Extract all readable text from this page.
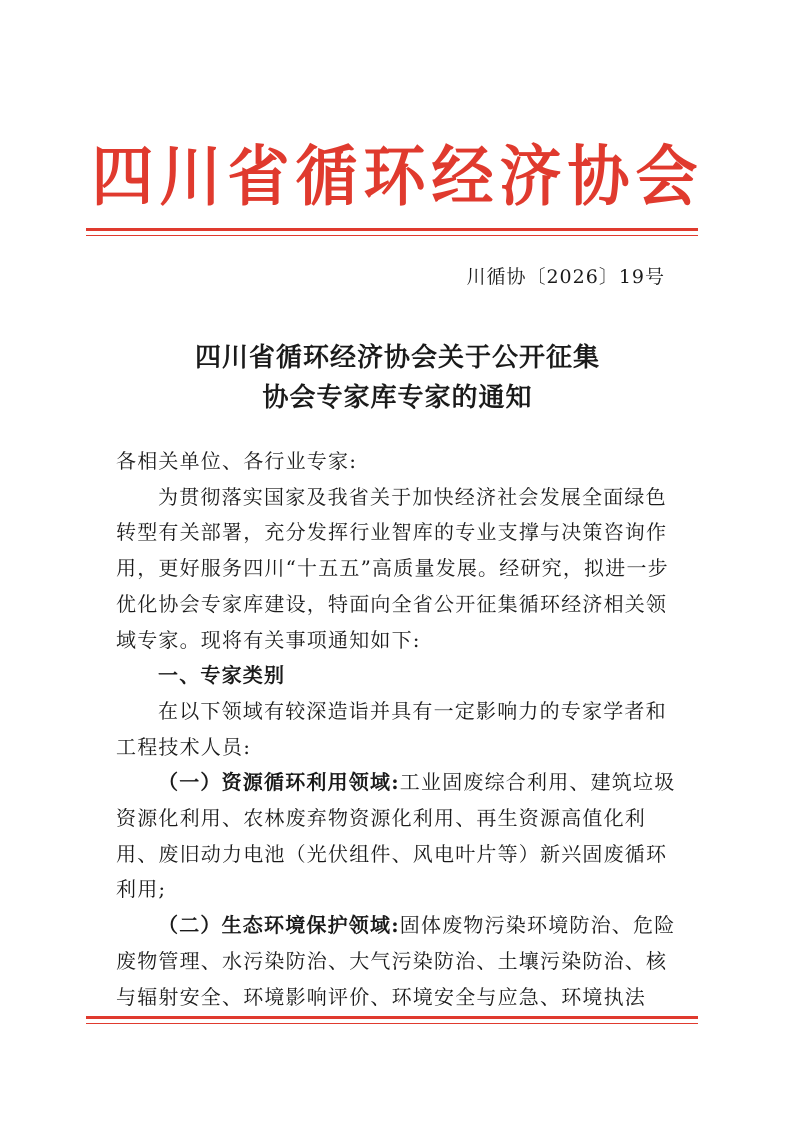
四川省循环经济协会
川循协〔2026〕19号
四川省循环经济协会关于公开征集
协会专家库专家的通知

各相关单位、各行业专家:

为贯彻落实国家及我省关于加快经济社会发展全面绿色转型有关部署，充分发挥行业智库的专业支撑与决策咨询作用，更好服务四川“十五五”高质量发展。经研究，拟进一步优化协会专家库建设，特面向全省公开征集循环经济相关领域专家。现将有关事项通知如下:

一、专家类别

在以下领域有较深造诣并具有一定影响力的专家学者和工程技术人员:

（一）资源循环利用领域:工业固废综合利用、建筑垃圾资源化利用、农林废弃物资源化利用、再生资源高值化利用、废旧动力电池（光伏组件、风电叶片等）新兴固废循环利用;

（二）生态环境保护领域:固体废物污染环境防治、危险废物管理、水污染防治、大气污染防治、土壤污染防治、核与辐射安全、环境影响评价、环境安全与应急、环境执法
